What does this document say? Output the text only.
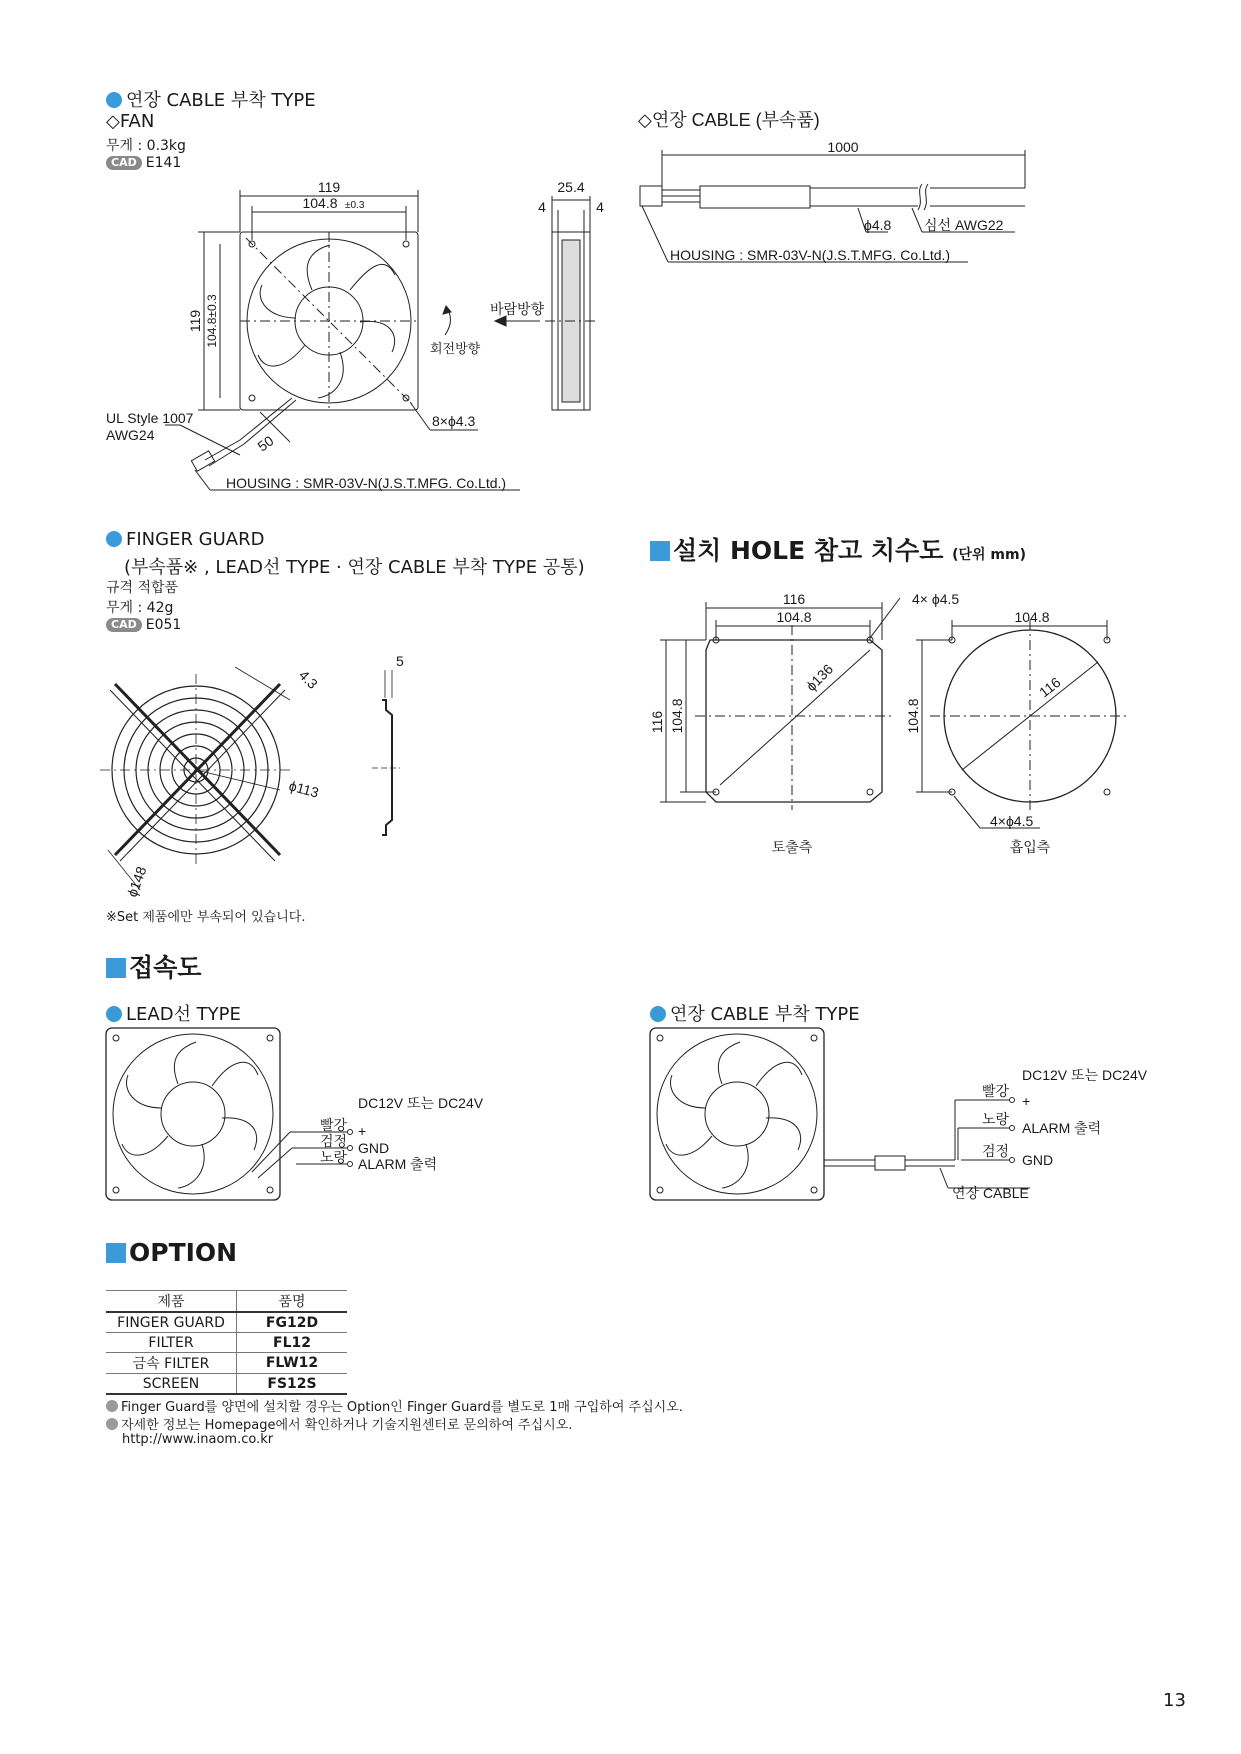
연장 CABLE 부착 TYPE
◇FAN
무게 : 0.3kg
CAD E141
119
104.8 ±0.3
25.4
4	4
119 104.8±0.3
8×ϕ4.3
50
바람방향
회전방향
UL Style 1007
AWG24
HOUSING : SMR-03V-N(J.S.T.MFG. Co.Ltd.)
◇연장 CABLE (부속품)
1000
ϕ4.8 심선 AWG22
HOUSING : SMR-03V-N(J.S.T.MFG. Co.Ltd.)
FINGER GUARD
(부속품※ , LEAD선 TYPE · 연장 CABLE 부착 TYPE 공통)
규격 적합품
무게 : 42g
CAD E051
4.3
ϕ113
ϕ148
5
※Set 제품에만 부속되어 있습니다.
설치 HOLE 참고 치수도 (단위 mm)
116
104.8
4× ϕ4.5
ϕ136
116 104.8
104.8
116
104.8
4×ϕ4.5
토출측	흡입측
접속도
LEAD선 TYPE	연장 CABLE 부착 TYPE
DC12V 또는 DC24V
빨강
검정
노랑
+
GND
ALARM 출력
DC12V 또는 DC24V
빨강
+
노랑
ALARM 출력
검정
GND
연장 CABLE
OPTION
제품	품명
FINGER GUARD	FG12D
FILTER	FL12
금속 FILTER	FLW12
SCREEN	FS12S
Finger Guard를 양면에 설치할 경우는 Option인 Finger Guard를 별도로 1매 구입하여 주십시오.
자세한 정보는 Homepage에서 확인하거나 기술지원센터로 문의하여 주십시오.
http://www.inaom.co.kr
13
